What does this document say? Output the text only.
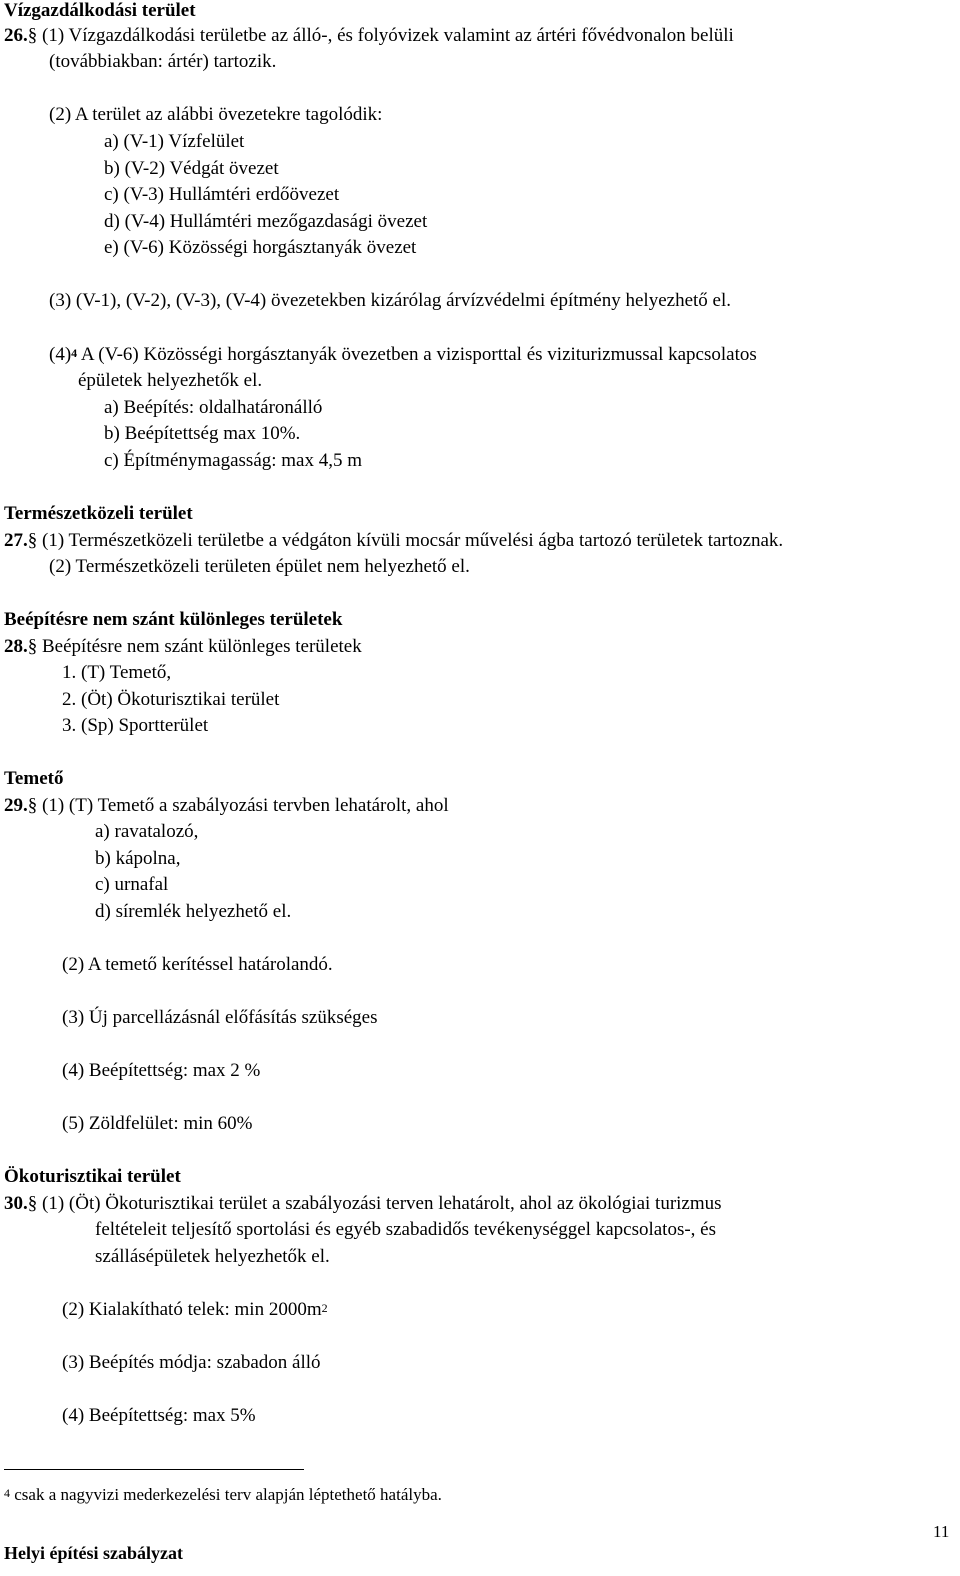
Vízgazdálkodási terület
26.§ (1) Vízgazdálkodási területbe az álló-, és folyóvizek valamint az ártéri fővédvonalon belüli
(továbbiakban: ártér) tartozik.
(2) A terület az alábbi övezetekre tagolódik:
a) (V-1) Vízfelület
b) (V-2) Védgát övezet
c) (V-3) Hullámtéri erdőövezet
d) (V-4) Hullámtéri mezőgazdasági övezet
e) (V-6) Közösségi horgásztanyák övezet
(3) (V-1), (V-2), (V-3), (V-4) övezetekben kizárólag árvízvédelmi építmény helyezhető el.
$(4)^4$ A (V-6) Közösségi horgásztanyák övezetben a vizisporttal és viziturizmussal kapcsolatos
épületek helyezhetők el.
a) Beépítés: oldalhatáronálló
b) Beépítettség max 10%.
c) Építménymagasság: max 4,5 m
Természetközeli terület
27.§ (1) Természetközeli területbe a védgáton kívüli mocsár művelési ágba tartozó területek tartoznak.
(2) Természetközeli területen épület nem helyezhető el.
Beépítésre nem szánt különleges területek
28.§ Beépítésre nem szánt különleges területek
1. (T) Temető,
2. (Öt) Ökoturisztikai terület
3. (Sp) Sportterület
Temető
29.§ (1) (T) Temető a szabályozási tervben lehatárolt, ahol
a) ravatalozó,
b) kápolna,
c) urnafal
d) síremlék helyezhető el.
(2) A temető kerítéssel határolandó.
(3) Új parcellázásnál előfásítás szükséges
(4) Beépítettség: max 2 %
(5) Zöldfelület: min 60%
Ökoturisztikai terület
30.§ (1) (Öt) Ökoturisztikai terület a szabályozási terven lehatárolt, ahol az ökológiai turizmus
feltételeit teljesítő sportolási és egyéb szabadidős tevékenységgel kapcsolatos-, és
szállásépületek helyezhetők el.
(2) Kialakítható telek: $\min 2000m^2$
(3) Beépítés módja: szabadon álló
(4) Beépítettség: max 5%
$^4$ csak a nagyvizi mederkezelési terv alapján léptethető hatályba.
11
Helyi építési szabályzat
